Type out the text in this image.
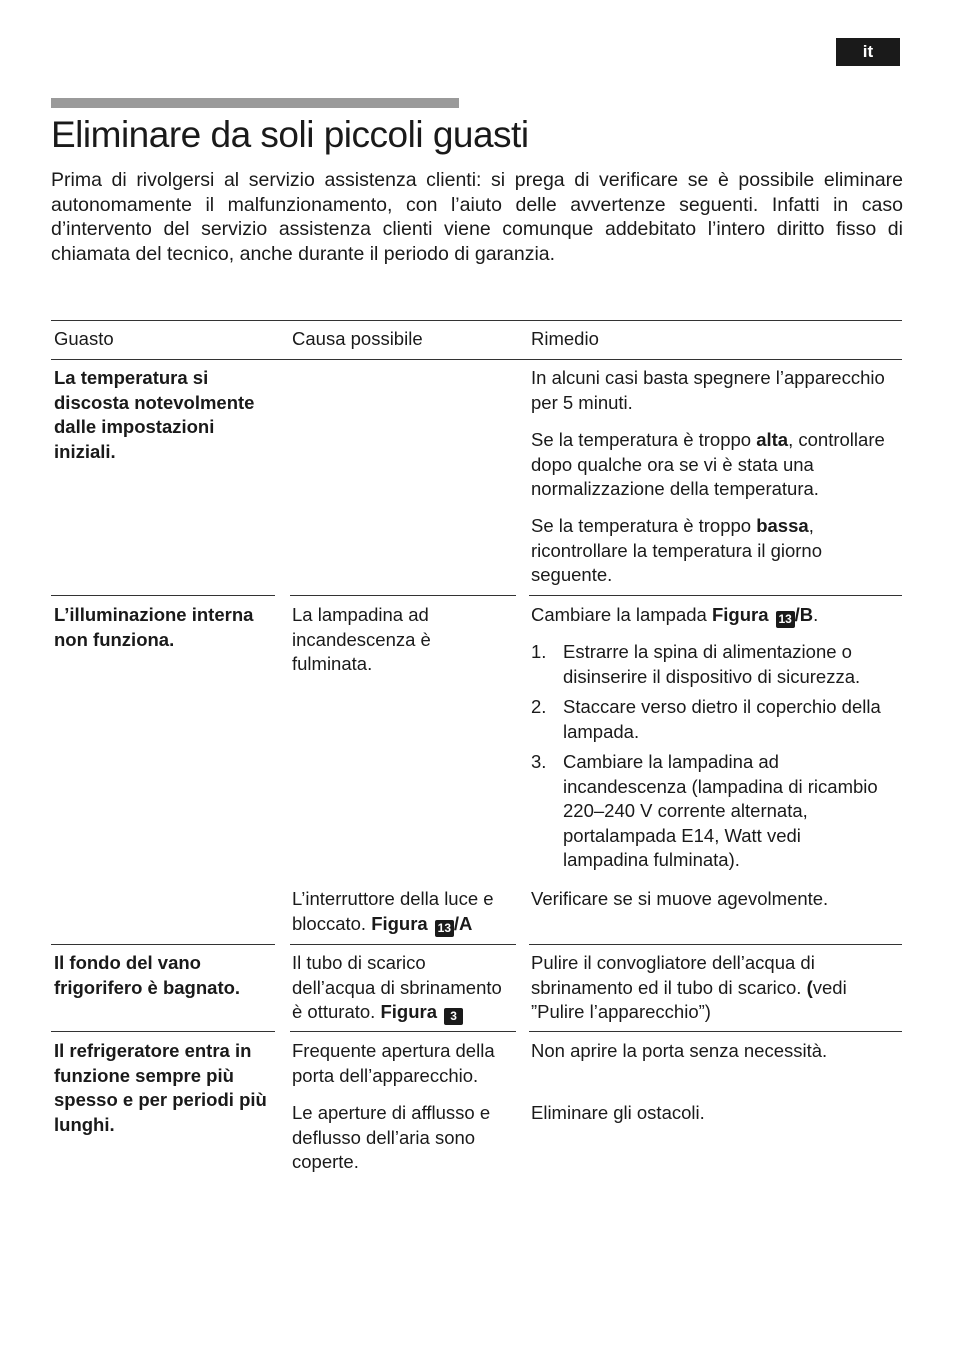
it
Eliminare da soli piccoli guasti

Prima di rivolgersi al servizio assistenza clienti: si prega di verificare se è possibile eliminare autonomamente il malfunzionamento, con l’aiuto delle avvertenze seguenti. Infatti in caso d’intervento del servizio assistenza clienti viene comunque addebitato l’intero diritto fisso di chiamata del tecnico, anche durante il periodo di garanzia.

Guasto	Causa possibile	Rimedio
La temperatura si discosta notevolmente dalle impostazioni iniziali.
In alcuni casi basta spegnere l’apparecchio per 5 minuti.
Se la temperatura è troppo alta, controllare dopo qualche ora se vi è stata una normalizzazione della temperatura.
Se la temperatura è troppo bassa, ricontrollare la temperatura il giorno seguente.
L’illuminazione interna non funziona.
La lampadina ad incandescenza è fulminata.
Cambiare la lampada Figura 13 /B.
1. Estrarre la spina di alimentazione o disinserire il dispositivo di sicurezza.
2. Staccare verso dietro il coperchio della lampada.
3. Cambiare la lampadina ad incandescenza (lampadina di ricambio 220–240 V corrente alternata, portalampada E14, Watt vedi lampadina fulminata).
L’interruttore della luce e bloccato. Figura 13 /A
Verificare se si muove agevolmente.
Il fondo del vano frigorifero è bagnato.
Il tubo di scarico dell’acqua di sbrinamento è otturato. Figura 3
Pulire il convogliatore dell’acqua di sbrinamento ed il tubo di scarico. (vedi ”Pulire l’apparecchio”)
Il refrigeratore entra in funzione sempre più spesso e per periodi più lunghi.
Frequente apertura della porta dell’apparecchio.
Non aprire la porta senza necessità.
Le aperture di afflusso e deflusso dell’aria sono coperte.
Eliminare gli ostacoli.
